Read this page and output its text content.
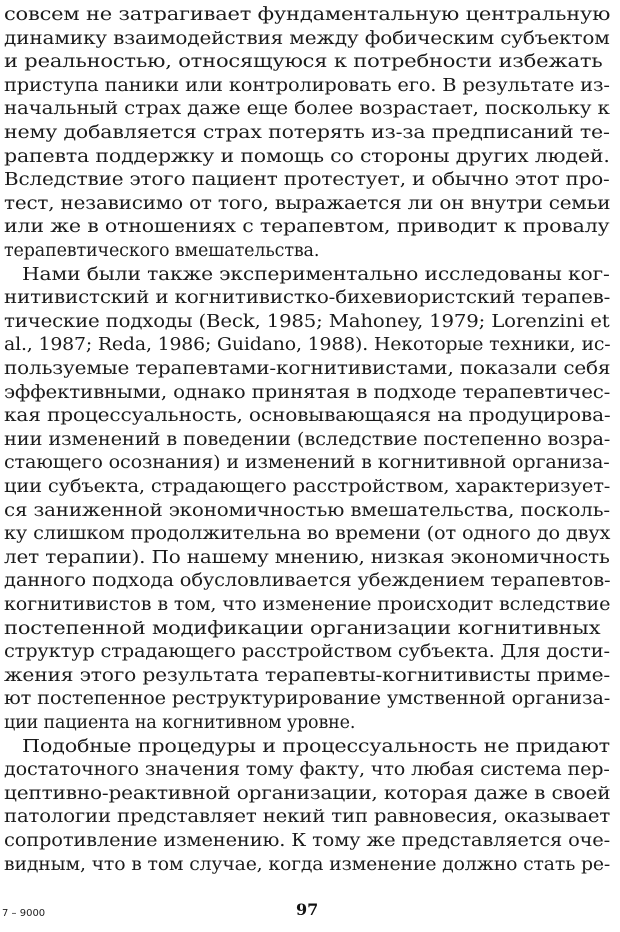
совсем не затрагивает фундаментальную центральную
динамику взаимодействия между фобическим субъектом
и реальностью, относящуюся к потребности избежать
приступа паники или контролировать его. В результате из-
начальный страх даже еще более возрастает, поскольку к
нему добавляется страх потерять из-за предписаний те-
рапевта поддержку и помощь со стороны других людей.
Вследствие этого пациент протестует, и обычно этот про-
тест, независимо от того, выражается ли он внутри семьи
или же в отношениях с терапевтом, приводит к провалу
терапевтического вмешательства.
Нами были также экспериментально исследованы ког-
нитивистский и когнитивистко-бихевиористский терапев-
тические подходы (Beck, 1985; Mahoney, 1979; Lorenzini et
al., 1987; Reda, 1986; Guidano, 1988). Некоторые техники, ис-
пользуемые терапевтами-когнитивистами, показали себя
эффективными, однако принятая в подходе терапевтичес-
кая процессуальность, основывающаяся на продуцирова-
нии изменений в поведении (вследствие постепенно возра-
стающего осознания) и изменений в когнитивной организа-
ции субъекта, страдающего расстройством, характеризует-
ся заниженной экономичностью вмешательства, посколь-
ку слишком продолжительна во времени (от одного до двух
лет терапии). По нашему мнению, низкая экономичность
данного подхода обусловливается убеждением терапевтов-
когнитивистов в том, что изменение происходит вследствие
постепенной модификации организации когнитивных
структур страдающего расстройством субъекта. Для дости-
жения этого результата терапевты-когнитивисты приме-
ют постепенное реструктурирование умственной организа-
ции пациента на когнитивном уровне.
Подобные процедуры и процессуальность не придают
достаточного значения тому факту, что любая система пер-
цептивно-реактивной организации, которая даже в своей
патологии представляет некий тип равновесия, оказывает
сопротивление изменению. К тому же представляется оче-
видным, что в том случае, когда изменение должно стать ре-
7 – 9000	97
